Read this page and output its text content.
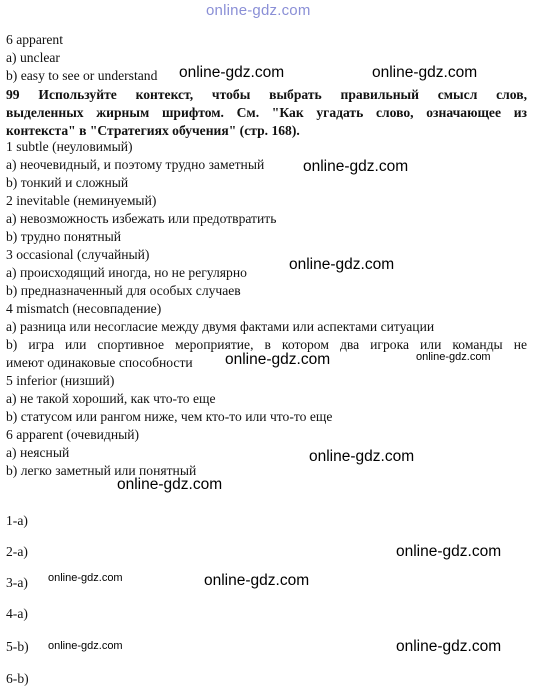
online-gdz.com
6 apparent
a) unclear
b) easy to see or understand
99 Используйте контекст, чтобы выбрать правильный смысл слов,
выделенных жирным шрифтом. См. "Как угадать слово, означающее из
контекста" в "Стратегиях обучения" (стр. 168).
1 subtle (неуловимый)
a) неочевидный, и поэтому трудно заметный
b) тонкий и сложный
2 inevitable (неминуемый)
a) невозможность избежать или предотвратить
b) трудно понятный
3 occasional (случайный)
a) происходящий иногда, но не регулярно
b) предназначенный для особых случаев
4 mismatch (несовпадение)
a) разница или несогласие между двумя фактами или аспектами ситуации
b) игра или спортивное мероприятие, в котором два игрока или команды не
имеют одинаковые способности
5 inferior (низший)
a) не такой хороший, как что-то еще
b) статусом или рангом ниже, чем кто-то или что-то еще
6 apparent (очевидный)
a) неясный
b) легко заметный или понятный
1-a)
2-a)
3-a)
4-a)
5-b)
6-b)
online-gdz.com	online-gdz.com
online-gdz.com
online-gdz.com
online-gdz.com	online-gdz.com
online-gdz.com
online-gdz.com
online-gdz.com
online-gdz.com	online-gdz.com
online-gdz.com	online-gdz.com
